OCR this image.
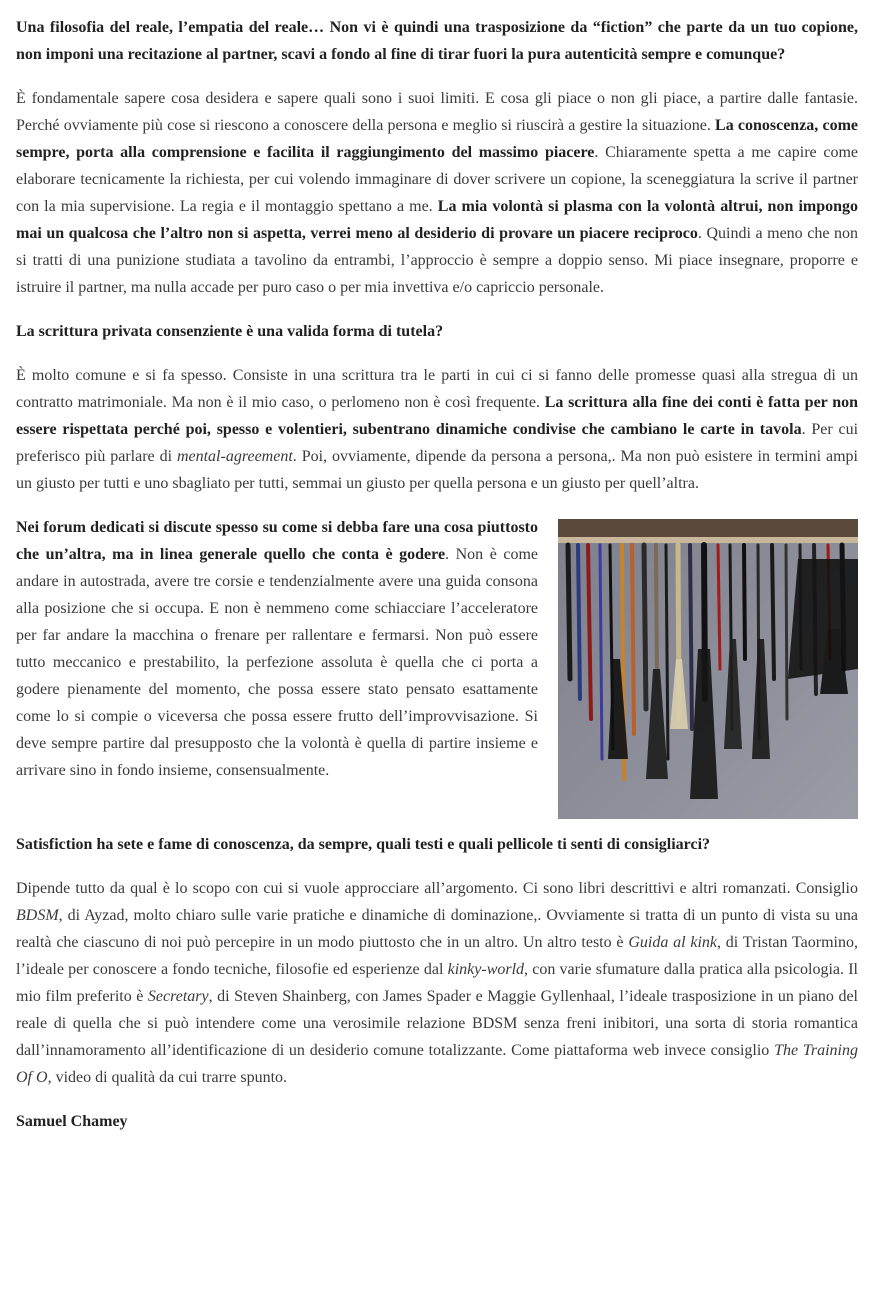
Una filosofia del reale, l’empatia del reale… Non vi è quindi una trasposizione da “fiction” che parte da un tuo copione, non imponi una recitazione al partner, scavi a fondo al fine di tirar fuori la pura autenticità sempre e comunque?

È fondamentale sapere cosa desidera e sapere quali sono i suoi limiti. E cosa gli piace o non gli piace, a partire dalle fantasie. Perché ovviamente più cose si riescono a conoscere della persona e meglio si riuscirà a gestire la situazione. La conoscenza, come sempre, porta alla comprensione e facilita il raggiungimento del massimo piacere. Chiaramente spetta a me capire come elaborare tecnicamente la richiesta, per cui volendo immaginare di dover scrivere un copione, la sceneggiatura la scrive il partner con la mia supervisione. La regia e il montaggio spettano a me. La mia volontà si plasma con la volontà altrui, non impongo mai un qualcosa che l’altro non si aspetta, verrei meno al desiderio di provare un piacere reciproco. Quindi a meno che non si tratti di una punizione studiata a tavolino da entrambi, l’approccio è sempre a doppio senso. Mi piace insegnare, proporre e istruire il partner, ma nulla accade per puro caso o per mia invettiva e/o capriccio personale.

La scrittura privata consenziente è una valida forma di tutela?

È molto comune e si fa spesso. Consiste in una scrittura tra le parti in cui ci si fanno delle promesse quasi alla stregua di un contratto matrimoniale. Ma non è il mio caso, o perlomeno non è così frequente. La scrittura alla fine dei conti è fatta per non essere rispettata perché poi, spesso e volentieri, subentrano dinamiche condivise che cambiano le carte in tavola. Per cui preferisco più parlare di mental-agreement. Poi, ovviamente, dipende da persona a persona,. Ma non può esistere in termini ampi un giusto per tutti e uno sbagliato per tutti, semmai un giusto per quella persona e un giusto per quell’altra.

Nei forum dedicati si discute spesso su come si debba fare una cosa piuttosto che un’altra, ma in linea generale quello che conta è godere. Non è come andare in autostrada, avere tre corsie e tendenzialmente avere una guida consona alla posizione che si occupa. E non è nemmeno come schiacciare l’acceleratore per far andare la macchina o frenare per rallentare e fermarsi. Non può essere tutto meccanico e prestabilito, la perfezione assoluta è quella che ci porta a godere pienamente del momento, che possa essere stato pensato esattamente come lo si compie o viceversa che possa essere frutto dell’improvvisazione. Si deve sempre partire dal presupposto che la volontà è quella di partire insieme e arrivare sino in fondo insieme, consensualmente.

Satisfiction ha sete e fame di conoscenza, da sempre, quali testi e quali pellicole ti senti di consigliarci?

Dipende tutto da qual è lo scopo con cui si vuole approcciare all’argomento. Ci sono libri descrittivi e altri romanzati. Consiglio BDSM, di Ayzad, molto chiaro sulle varie pratiche e dinamiche di dominazione,. Ovviamente si tratta di un punto di vista su una realtà che ciascuno di noi può percepire in un modo piuttosto che in un altro. Un altro testo è Guida al kink, di Tristan Taormino, l’ideale per conoscere a fondo tecniche, filosofie ed esperienze dal kinky-world, con varie sfumature dalla pratica alla psicologia. Il mio film preferito è Secretary, di Steven Shainberg, con James Spader e Maggie Gyllenhaal, l’ideale trasposizione in un piano del reale di quella che si può intendere come una verosimile relazione BDSM senza freni inibitori, una sorta di storia romantica dall’innamoramento all’identificazione di un desiderio comune totalizzante. Come piattaforma web invece consiglio The Training Of O, video di qualità da cui trarre spunto.

Samuel Chamey
